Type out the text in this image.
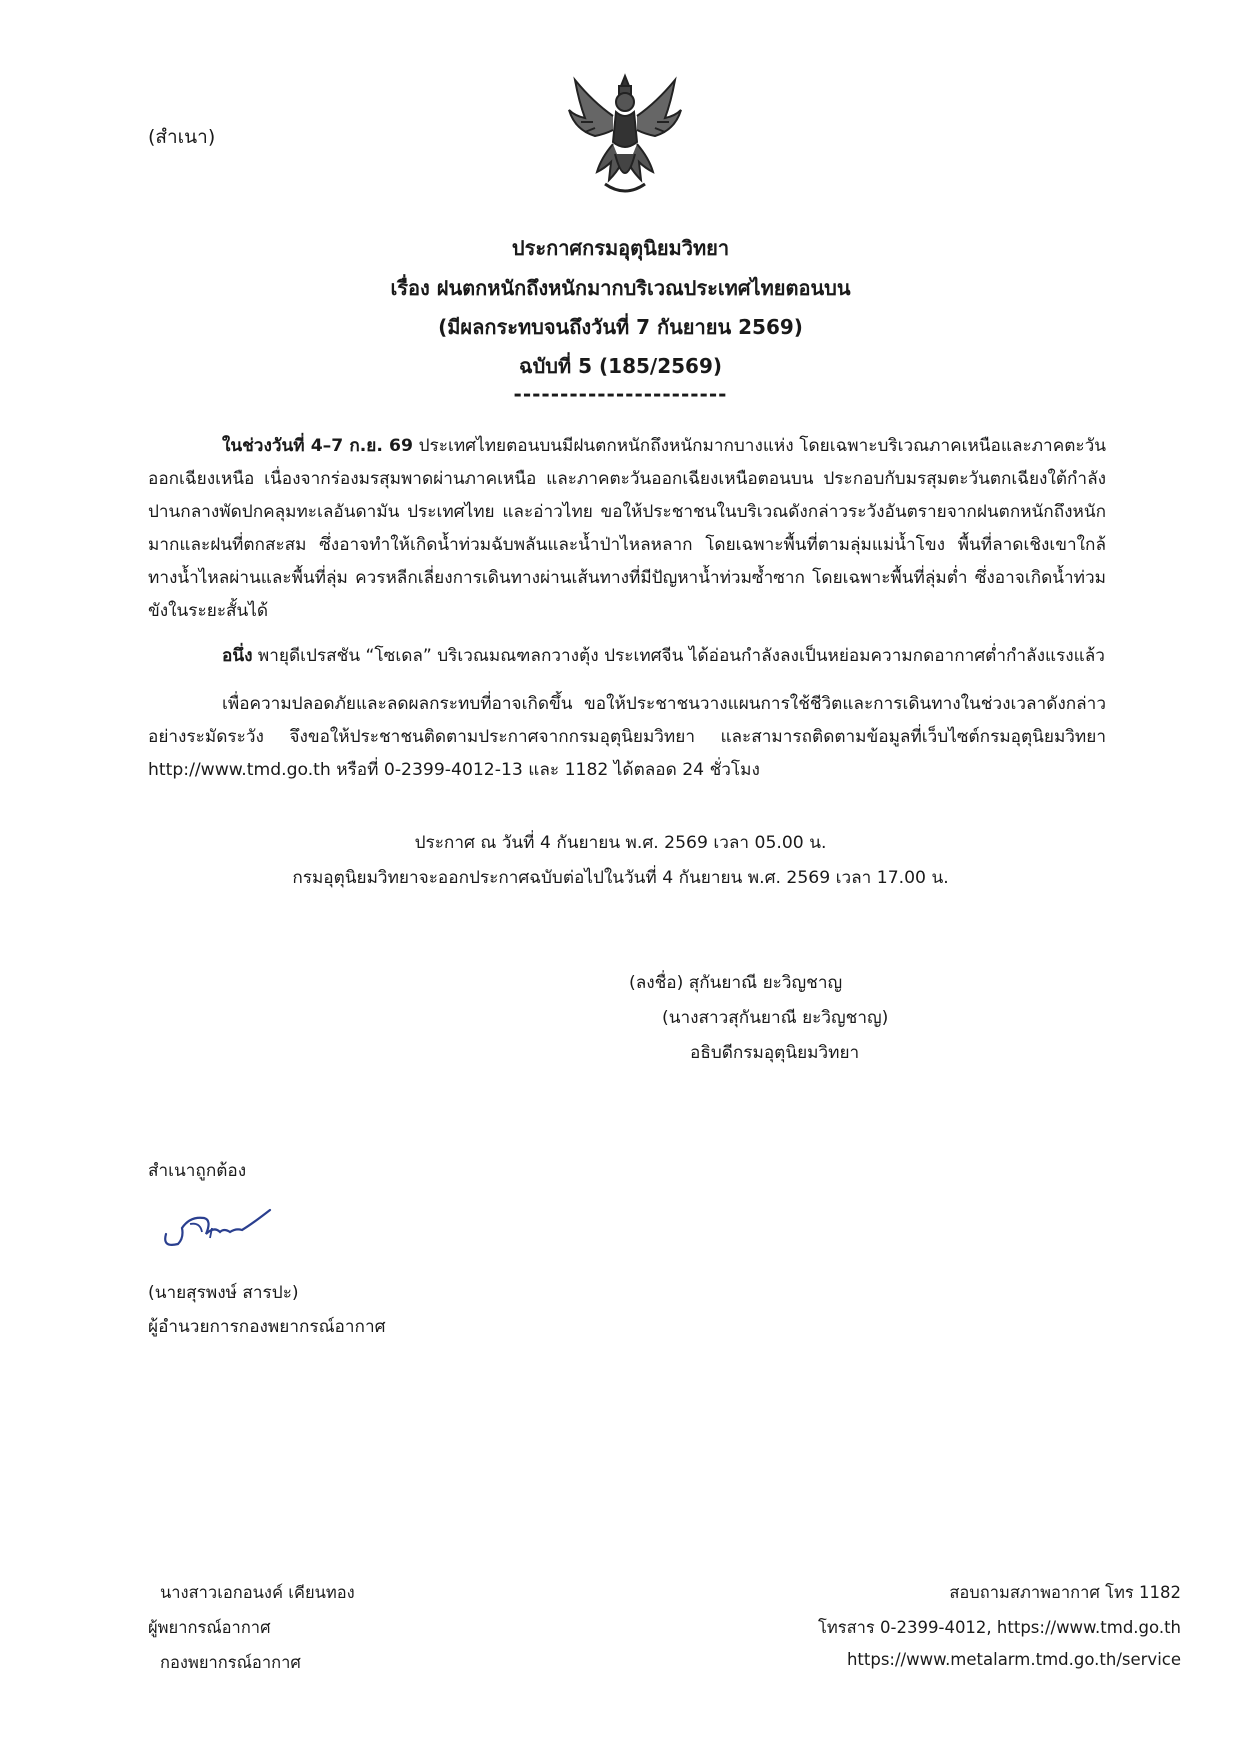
(สำเนา)
ประกาศกรมอุตุนิยมวิทยา
เรื่อง ฝนตกหนักถึงหนักมากบริเวณประเทศไทยตอนบน
(มีผลกระทบจนถึงวันที่ 7 กันยายน 2569)
ฉบับที่ 5 (185/2569)
-----------------------
ในช่วงวันที่ 4–7 ก.ย. 69 ประเทศไทยตอนบนมีฝนตกหนักถึงหนักมากบางแห่ง โดยเฉพาะบริเวณภาคเหนือและภาคตะวันออกเฉียงเหนือ เนื่องจากร่องมรสุมพาดผ่านภาคเหนือ และภาคตะวันออกเฉียงเหนือตอนบน ประกอบกับมรสุมตะวันตกเฉียงใต้กำลังปานกลางพัดปกคลุมทะเลอันดามัน ประเทศไทย และอ่าวไทย ขอให้ประชาชนในบริเวณดังกล่าวระวังอันตรายจากฝนตกหนักถึงหนักมากและฝนที่ตกสะสม ซึ่งอาจทำให้เกิดน้ำท่วมฉับพลันและน้ำป่าไหลหลาก โดยเฉพาะพื้นที่ตามลุ่มแม่น้ำโขง พื้นที่ลาดเชิงเขาใกล้ทางน้ำไหลผ่านและพื้นที่ลุ่ม ควรหลีกเลี่ยงการเดินทางผ่านเส้นทางที่มีปัญหาน้ำท่วมซ้ำซาก โดยเฉพาะพื้นที่ลุ่มต่ำ ซึ่งอาจเกิดน้ำท่วมขังในระยะสั้นได้
อนึ่ง พายุดีเปรสชัน “โซเดล” บริเวณมณฑลกวางตุ้ง ประเทศจีน ได้อ่อนกำลังลงเป็นหย่อมความกดอากาศต่ำกำลังแรงแล้ว
เพื่อความปลอดภัยและลดผลกระทบที่อาจเกิดขึ้น ขอให้ประชาชนวางแผนการใช้ชีวิตและการเดินทางในช่วงเวลาดังกล่าวอย่างระมัดระวัง จึงขอให้ประชาชนติดตามประกาศจากกรมอุตุนิยมวิทยา และสามารถติดตามข้อมูลที่เว็บไซต์กรมอุตุนิยมวิทยา http://www.tmd.go.th หรือที่ 0-2399-4012-13 และ 1182 ได้ตลอด 24 ชั่วโมง
ประกาศ ณ วันที่ 4 กันยายน พ.ศ. 2569 เวลา 05.00 น.
กรมอุตุนิยมวิทยาจะออกประกาศฉบับต่อไปในวันที่ 4 กันยายน พ.ศ. 2569 เวลา 17.00 น.
(ลงชื่อ) สุกันยาณี ยะวิญชาญ
(นางสาวสุกันยาณี ยะวิญชาญ)
อธิบดีกรมอุตุนิยมวิทยา
สำเนาถูกต้อง
(นายสุรพงษ์ สารปะ)
ผู้อำนวยการกองพยากรณ์อากาศ
นางสาวเอกอนงค์ เคียนทอง
ผู้พยากรณ์อากาศ
กองพยากรณ์อากาศ
สอบถามสภาพอากาศ โทร 1182
โทรสาร 0-2399-4012, https://www.tmd.go.th
https://www.metalarm.tmd.go.th/service
